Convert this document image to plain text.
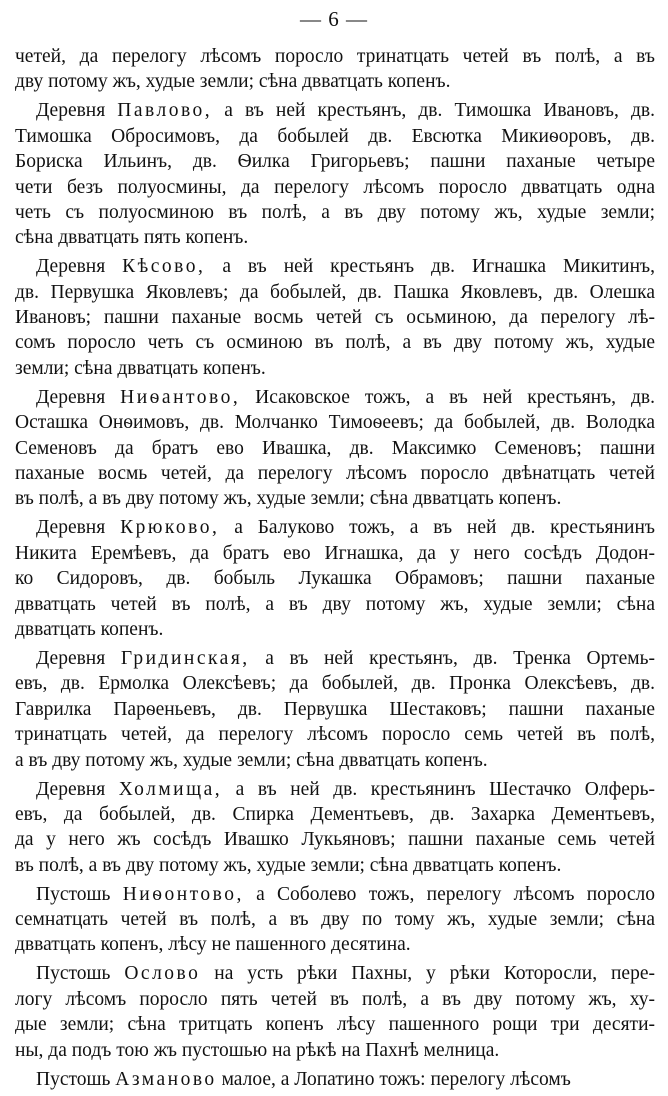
— 6 —
четей, да перелогу лѣсомъ поросло тринатцать четей въ полѣ, а въ
дву потому жъ, худые земли; сѣна двватцать копенъ.
Деревня Павлово, а въ ней крестьянъ, дв. Тимошка Ивановъ, дв.
Тимошка Обросимовъ, да бобылей дв. Евсютка Микиѳоровъ, дв.
Бориска Ильинъ, дв. Ѳилка Григорьевъ; пашни паханые четыре
чети безъ полуосмины, да перелогу лѣсомъ поросло двватцать одна
четь съ полуосминою въ полѣ, а въ дву потому жъ, худые земли;
сѣна двватцать пять копенъ.
Деревня Кѣсово, а въ ней крестьянъ дв. Игнашка Микитинъ,
дв. Первушка Яковлевъ; да бобылей, дв. Пашка Яковлевъ, дв. Олешка
Ивановъ; пашни паханые восмь четей съ осьминою, да перелогу лѣ-
сомъ поросло четь съ осминою въ полѣ, а въ дву потому жъ, худые
земли; сѣна двватцать копенъ.
Деревня Ниѳантово, Исаковское тожъ, а въ ней крестьянъ, дв.
Осташка Онѳимовъ, дв. Молчанко Тимоѳеевъ; да бобылей, дв. Володка
Семеновъ да братъ ево Ивашка, дв. Максимко Семеновъ; пашни
паханые восмь четей, да перелогу лѣсомъ поросло двѣнатцать четей
въ полѣ, а въ дву потому жъ, худые земли; сѣна двватцать копенъ.
Деревня Крюково, а Балуково тожъ, а въ ней дв. крестьянинъ
Никита Еремѣевъ, да братъ ево Игнашка, да у него сосѣдъ Додон-
ко Сидоровъ, дв. бобыль Лукашка Обрамовъ; пашни паханые
двватцать четей въ полѣ, а въ дву потому жъ, худые земли; сѣна
двватцать копенъ.
Деревня Гридинская, а въ ней крестьянъ, дв. Тренка Ортемь-
евъ, дв. Ермолка Олексѣевъ; да бобылей, дв. Пронка Олексѣевъ, дв.
Гаврилка Парѳеньевъ, дв. Первушка Шестаковъ; пашни паханые
тринатцать четей, да перелогу лѣсомъ поросло семь четей въ полѣ,
а въ дву потому жъ, худые земли; сѣна двватцать копенъ.
Деревня Холмища, а въ ней дв. крестьянинъ Шестачко Олферь-
евъ, да бобылей, дв. Спирка Дементьевъ, дв. Захарка Дементьевъ,
да у него жъ сосѣдъ Ивашко Лукьяновъ; пашни паханые семь четей
въ полѣ, а въ дву потому жъ, худые земли; сѣна двватцать копенъ.
Пустошь Ниѳонтово, а Соболево тожъ, перелогу лѣсомъ поросло
семнатцать четей въ полѣ, а въ дву по тому жъ, худые земли; сѣна
двватцать копенъ, лѣсу не пашенного десятина.
Пустошь Ослово на усть рѣки Пахны, у рѣки Которосли, пере-
логу лѣсомъ поросло пять четей въ полѣ, а въ дву потому жъ, ху-
дые земли; сѣна тритцать копенъ лѣсу пашенного рощи три десяти-
ны, да подъ тою жъ пустошью на рѣкѣ на Пахнѣ мелница.
Пустошь Азманово малое, а Лопатино тожъ: перелогу лѣсомъ
